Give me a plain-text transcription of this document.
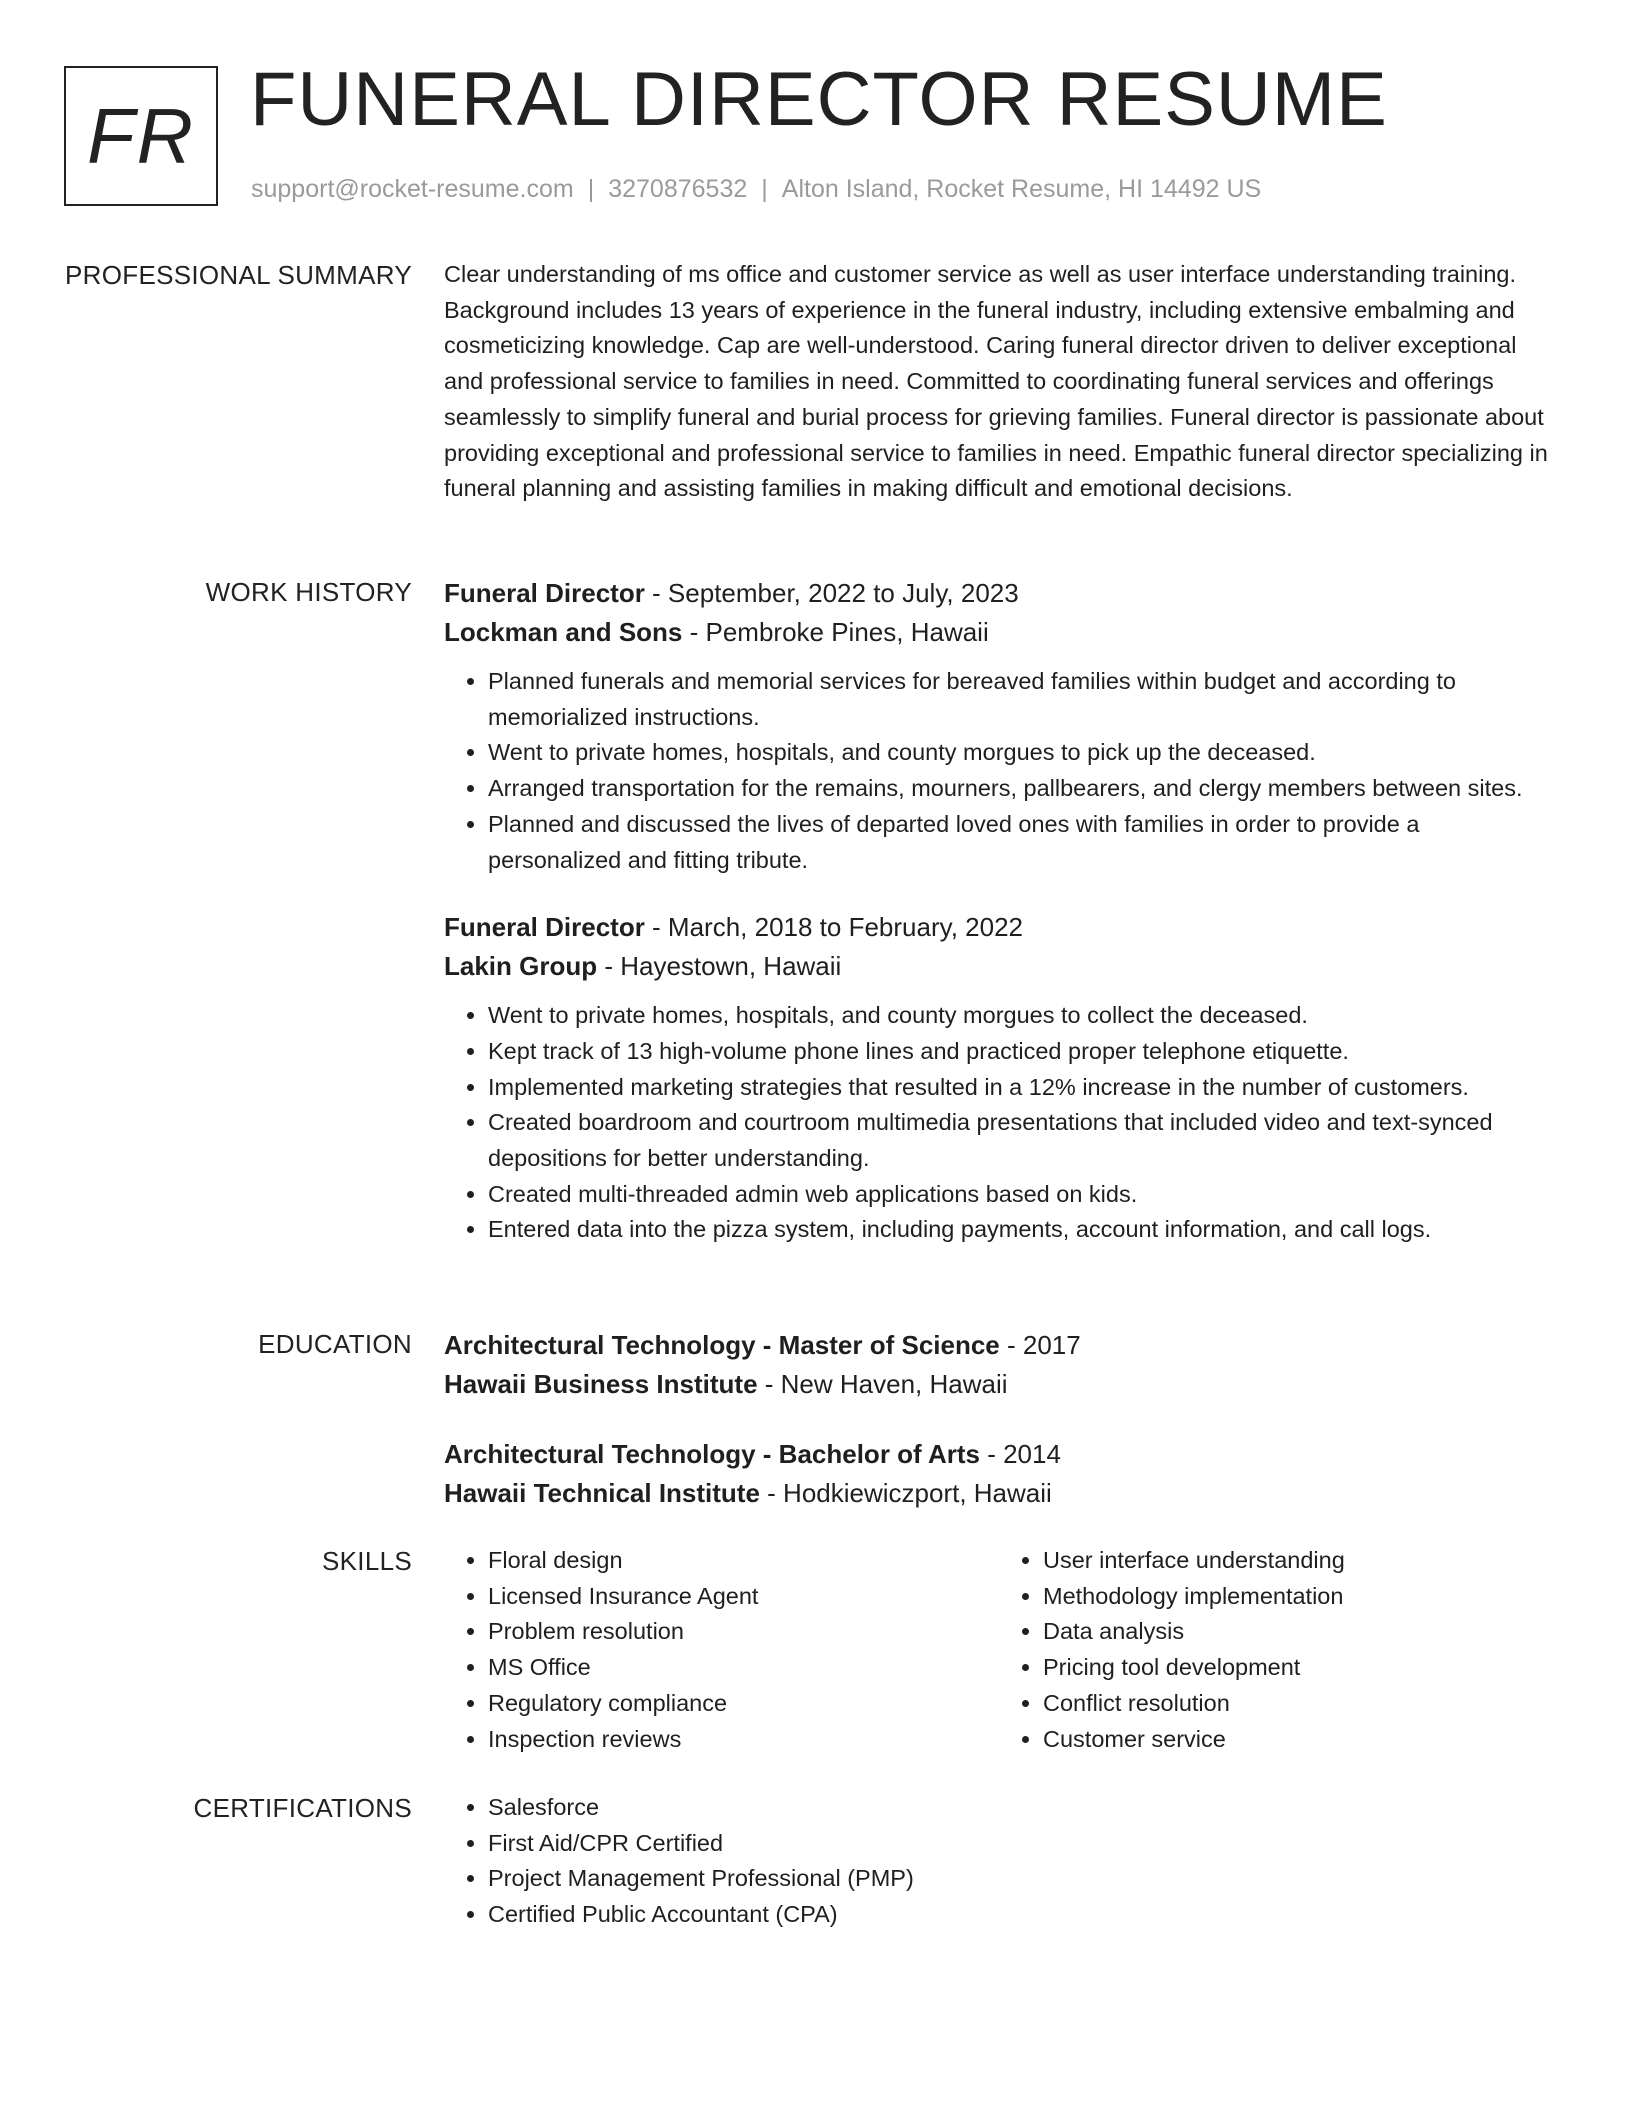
FR FUNERAL DIRECTOR RESUME
support@rocket-resume.com | 3270876532 | Alton Island, Rocket Resume, HI 14492 US
PROFESSIONAL SUMMARY Clear understanding of ms office and customer service as well as user interface understanding training. Background includes 13 years of experience in the funeral industry, including extensive embalming and cosmeticizing knowledge. Cap are well-understood. Caring funeral director driven to deliver exceptional and professional service to families in need. Committed to coordinating funeral services and offerings seamlessly to simplify funeral and burial process for grieving families. Funeral director is passionate about providing exceptional and professional service to families in need. Empathic funeral director specializing in funeral planning and assisting families in making difficult and emotional decisions.

WORK HISTORY Funeral Director - September, 2022 to July, 2023
Lockman and Sons - Pembroke Pines, Hawaii
• Planned funerals and memorial services for bereaved families within budget and according to memorialized instructions.
• Went to private homes, hospitals, and county morgues to pick up the deceased.
• Arranged transportation for the remains, mourners, pallbearers, and clergy members between sites.
• Planned and discussed the lives of departed loved ones with families in order to provide a personalized and fitting tribute.
Funeral Director - March, 2018 to February, 2022
Lakin Group - Hayestown, Hawaii
• Went to private homes, hospitals, and county morgues to collect the deceased.
• Kept track of 13 high-volume phone lines and practiced proper telephone etiquette.
• Implemented marketing strategies that resulted in a 12% increase in the number of customers.
• Created boardroom and courtroom multimedia presentations that included video and text-synced depositions for better understanding.
• Created multi-threaded admin web applications based on kids.
• Entered data into the pizza system, including payments, account information, and call logs.
EDUCATION Architectural Technology - Master of Science - 2017
Hawaii Business Institute - New Haven, Hawaii
Architectural Technology - Bachelor of Arts - 2014
Hawaii Technical Institute - Hodkiewiczport, Hawaii
SKILLS	• Floral design
• Licensed Insurance Agent
• Problem resolution
• MS Office
• Regulatory compliance
• Inspection reviews
• User interface understanding
• Methodology implementation
• Data analysis
• Pricing tool development
• Conflict resolution
• Customer service
CERTIFICATIONS	• Salesforce
• First Aid/CPR Certified
• Project Management Professional (PMP)
• Certified Public Accountant (CPA)
